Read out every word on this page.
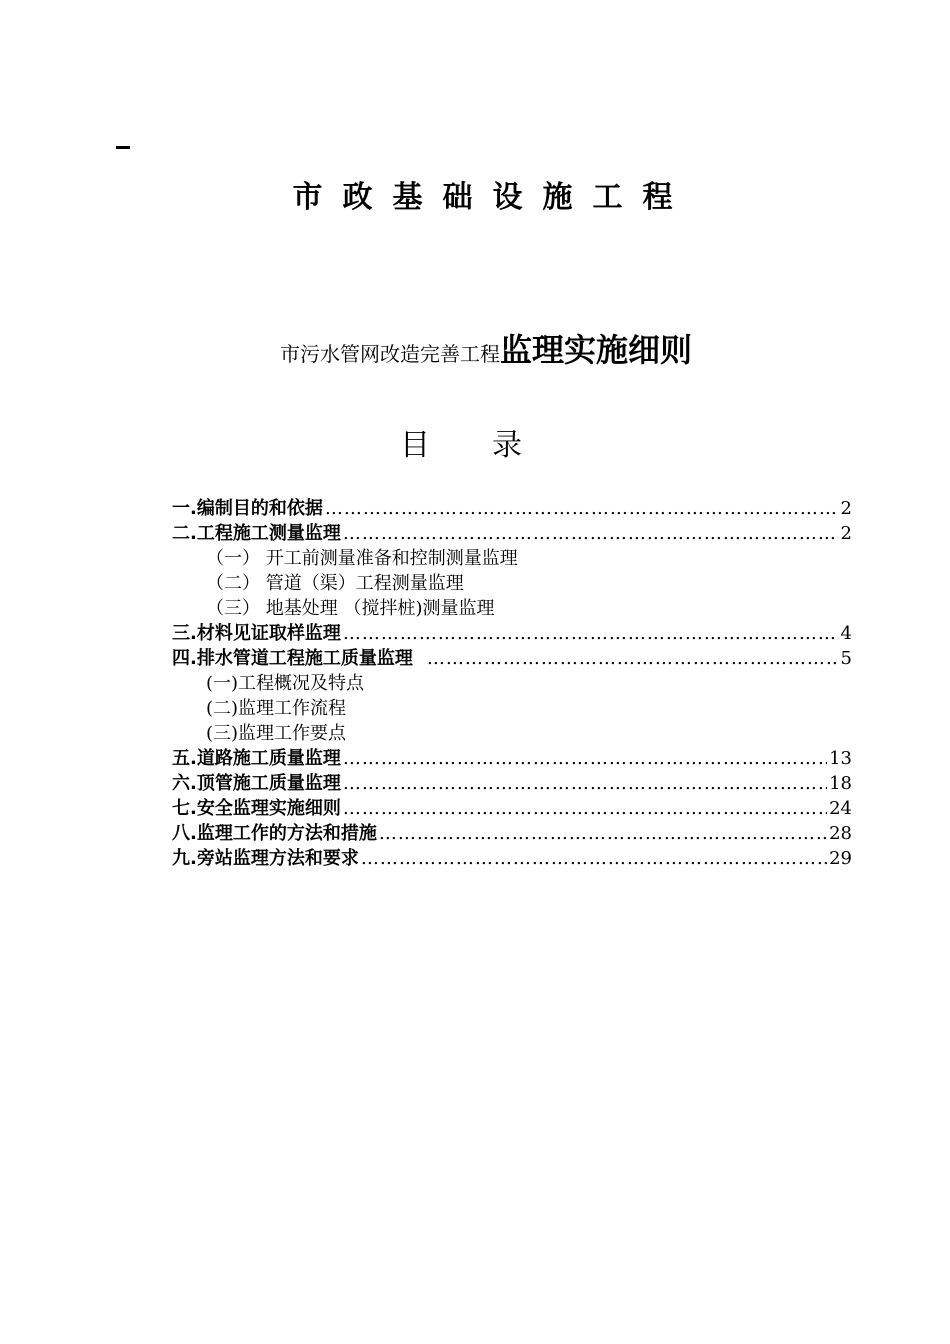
市政基础设施工程
市污水管网改造完善工程监理实施细则
目 录
一.编制目的和依据 ……………………………………………………………………………………………………………………………………	2
二.工程施工测量监理 ……………………………………………………………………………………………………………………………………	2
（一） 开工前测量准备和控制测量监理
（二） 管道（渠）工程测量监理
（三） 地基处理 （搅拌桩)测量监理
三.材料见证取样监理 ……………………………………………………………………………………………………………………………………	4
四.排水管道工程施工质量监理 ……………………………………………………………………………………………………………………………………	5
(一)工程概况及特点
(二)监理工作流程
(三)监理工作要点
五.道路施工质量监理 ……………………………………………………………………………………………………………………………………	13
六.顶管施工质量监理 ……………………………………………………………………………………………………………………………………	18
七.安全监理实施细则 ……………………………………………………………………………………………………………………………………	24
八.监理工作的方法和措施 ……………………………………………………………………………………………………………………………………	28
九.旁站监理方法和要求 ……………………………………………………………………………………………………………………………………	29
